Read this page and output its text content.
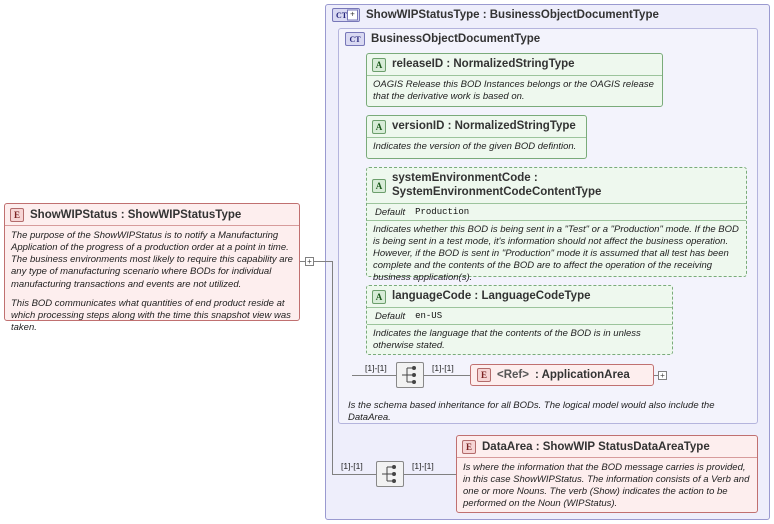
E ShowWIPStatus : ShowWIPStatusType

The purpose of the ShowWIPStatus is to notify a Manufacturing Application of the progress of a production order at a point in time. The business environments most likely to require this capability are any type of manufacturing scenario where BODs for individual manufacturing transactions and events are not utilized.

This BOD communicates what quantities of end product reside at which processing steps along with the time this snapshot view was taken.

+
CT + ShowWIPStatusType : BusinessObjectDocumentType
CT BusinessObjectDocumentType
Is the schema based inheritance for all BODs. The logical model would also include the DataArea.
A releaseID : NormalizedStringType
OAGIS Release this BOD Instances belongs or the OAGIS release that the derivative work is based on.
A versionID : NormalizedStringType
Indicates the version of the given BOD defintion.
A
systemEnvironmentCode : SystemEnvironmentCodeContentType
Default Production
Indicates whether this BOD is being sent in a "Test" or a "Production" mode. If the BOD is being sent in a test mode, it's information should not affect the business operation. However, if the BOD is sent in "Production" mode it is assumed that all test has been complete and the contents of the BOD are to affect the operation of the receiving business application(s).
A languageCode : LanguageCodeType
Default en-US
Indicates the language that the contents of the BOD is in unless otherwise stated.
[1]-[1]	[1]-[1]
E <Ref> : ApplicationArea	+
[1]-[1]	[1]-[1]
E DataArea : ShowWIP StatusDataAreaType
Is where the information that the BOD message carries is provided, in this case ShowWIPStatus. The information consists of a Verb and one or more Nouns. The verb (Show) indicates the action to be performed on the Noun (WIPStatus).
